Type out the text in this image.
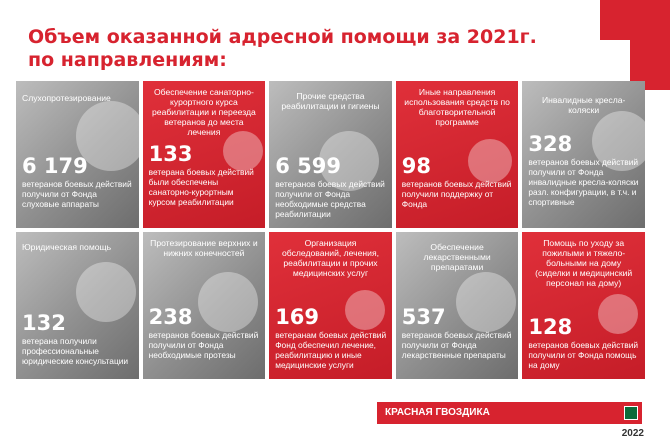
Объем оказанной адресной помощи за 2021г.
по направлениям:
Слухопротезирование
6 179
ветеранов боевых действий получили от Фонда слуховые аппараты
Обеспечение санаторно-курортного курса реабилитации и переезда ветеранов до места лечения
133
ветерана боевых действий были обеспечены санаторно-курортным курсом реабилитации
Прочие средства реабилитации и гигиены
6 599
ветеранов боевых действий получили от Фонда необходимые средства реабилитации
Иные направления использования средств по благотворительной программе
98
ветеранов боевых действий получили поддержку от Фонда
Инвалидные кресла-коляски
328
ветеранов боевых действий получили от Фонда инвалидные кресла-коляски разл. конфигурации, в т.ч. и спортивные
Юридическая помощь
132
ветерана получили профессиональные юридические консультации
Протезирование верхних и нижних конечностей
238
ветеранов боевых действий получили от Фонда необходимые протезы
Организация обследований, лечения, реабилитации и прочих медицинских услуг
169
ветеранам боевых действий Фонд обеспечил лечение, реабилитацию и иные медицинские услуги
Обеспечение лекарственными препаратами
537
ветеранов боевых действий получили от Фонда лекарственные препараты
Помощь по уходу за пожилыми и тяжело-больными на дому (сиделки и медицинский персонал на дому)
128
ветеранов боевых действий получили от Фонда помощь на дому
КРАСНАЯ ГВОЗДИКА
2022
